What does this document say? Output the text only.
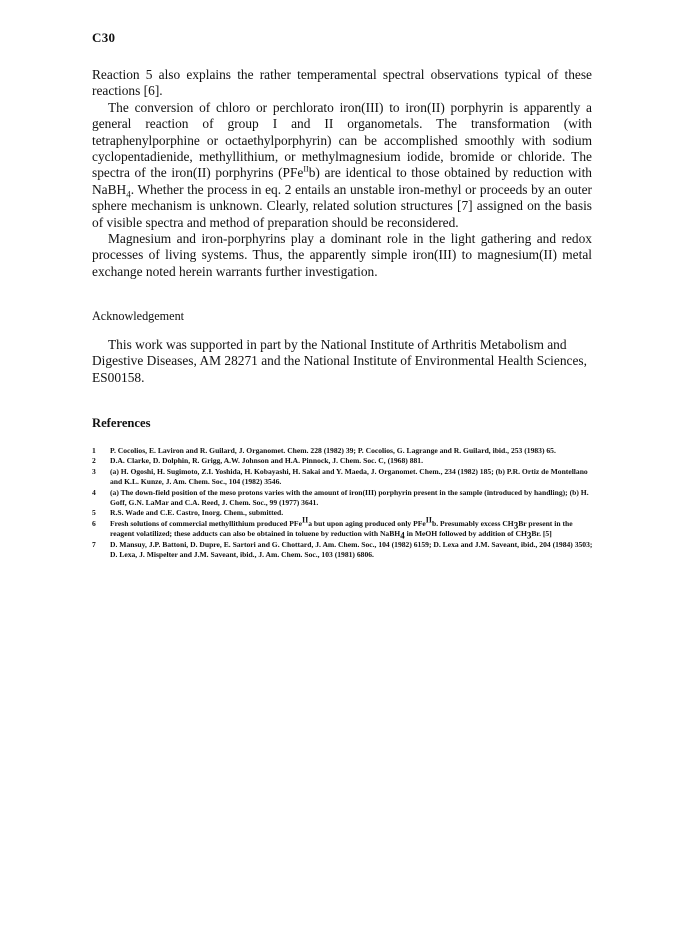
C30

Reaction 5 also explains the rather temperamental spectral observations typical of these reactions [6].

The conversion of chloro or perchlorato iron(III) to iron(II) porphyrin is apparently a general reaction of group I and II organometals. The transformation (with tetraphenylporphine or octaethylporphyrin) can be accomplished smoothly with sodium cyclopentadienide, methyllithium, or methylmagnesium iodide, bromide or chloride. The spectra of the iron(II) porphyrins (PFe$^{II}$b) are identical to those obtained by reduction with NaBH$_4$. Whether the process in eq. 2 entails an unstable iron-methyl or proceeds by an outer sphere mechanism is unknown. Clearly, related solution structures [7] assigned on the basis of visible spectra and method of preparation should be reconsidered.

Magnesium and iron-porphyrins play a dominant role in the light gathering and redox processes of living systems. Thus, the apparently simple iron(III) to magnesium(II) metal exchange noted herein warrants further investigation.

Acknowledgement

This work was supported in part by the National Institute of Arthritis Metabolism and Digestive Diseases, AM 28271 and the National Institute of Environmental Health Sciences, ES00158.

References
1	P. Cocolios, E. Laviron and R. Guilard, J. Organomet. Chem. 228 (1982) 39; P. Cocolios, G. Lagrange and R. Guilard, ibid., 253 (1983) 65.
2	D.A. Clarke, D. Dolphin, R. Grigg, A.W. Johnson and H.A. Pinnock, J. Chem. Soc. C, (1968) 881.
3	(a) H. Ogoshi, H. Sugimoto, Z.I. Yoshida, H. Kobayashi, H. Sakai and Y. Maeda, J. Organomet. Chem., 234 (1982) 185; (b) P.R. Ortiz de Montellano and K.L. Kunze, J. Am. Chem. Soc., 104 (1982) 3546.
4	(a) The down-field position of the meso protons varies with the amount of iron(III) porphyrin present in the sample (introduced by handling); (b) H. Goff, G.N. LaMar and C.A. Reed, J. Chem. Soc., 99 (1977) 3641.
5	R.S. Wade and C.E. Castro, Inorg. Chem., submitted.
6	Fresh solutions of commercial methyllithium produced PFe$^{II}$a but upon aging produced only PFe$^{II}$b. Presumably excess $CH_3Br$ present in the reagent volatilized; these adducts can also be obtained in toluene by reduction with NaBH$_4$ in MeOH followed by addition of $CH_3Br$. [5]
7	D. Mansuy, J.P. Battoni, D. Dupre, E. Sartori and G. Chottard, J. Am. Chem. Soc., 104 (1982) 6159; D. Lexa and J.M. Saveant, ibid., 204 (1984) 3503; D. Lexa, J. Mispelter and J.M. Saveant, ibid., J. Am. Chem. Soc., 103 (1981) 6806.
